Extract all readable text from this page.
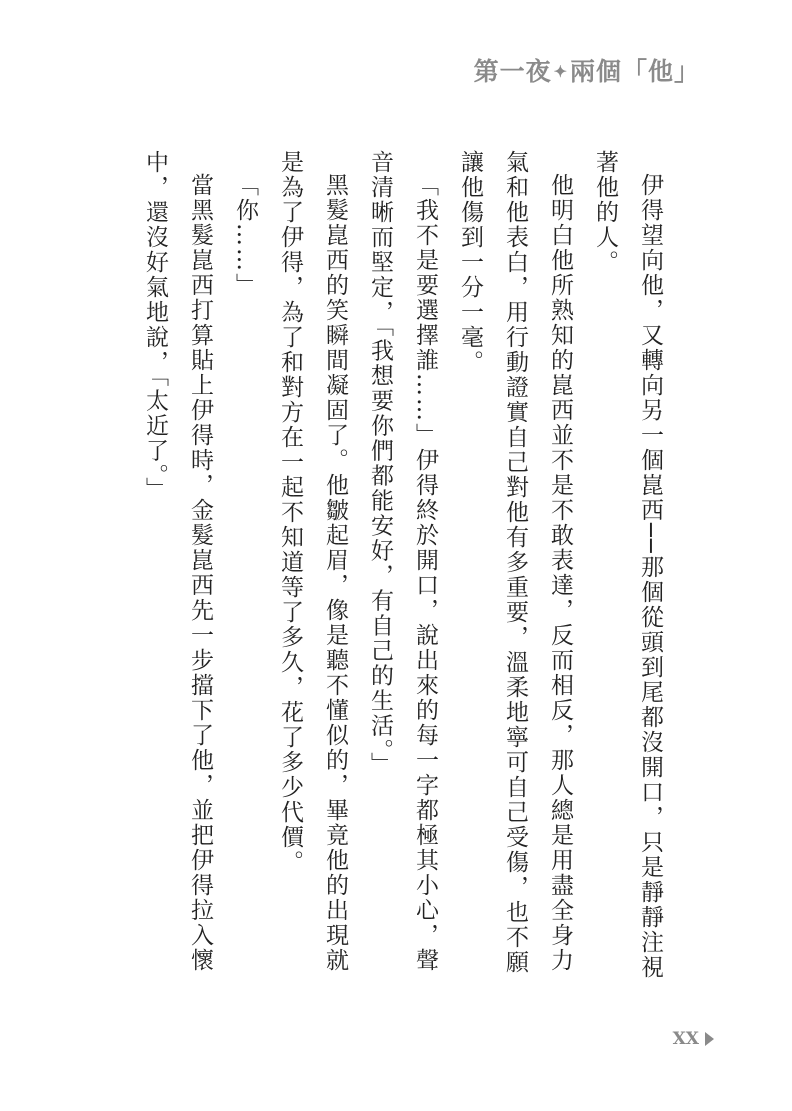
第一夜 ✦兩個「他」

伊得望向他，又轉向另一個崑西──那個從頭到尾都沒開口，只是靜靜注視著他的人。

他明白他所熟知的崑西並不是不敢表達，反而相反，那人總是用盡全身力氣和他表白，用行動證實自己對他有多重要，溫柔地寧可自己受傷，也不願讓他傷到一分一毫。

「我不是要選擇誰……」伊得終於開口，說出來的每一字都極其小心，聲音清晰而堅定，「我想要你們都能安好，有自己的生活。」

黑髮崑西的笑瞬間凝固了。他皺起眉，像是聽不懂似的，畢竟他的出現就是為了伊得，為了和對方在一起不知道等了多久，花了多少代價。

「你……」

當黑髮崑西打算貼上伊得時，金髮崑西先一步擋下了他，並把伊得拉入懷中，還沒好氣地說，「太近了。」

XX
